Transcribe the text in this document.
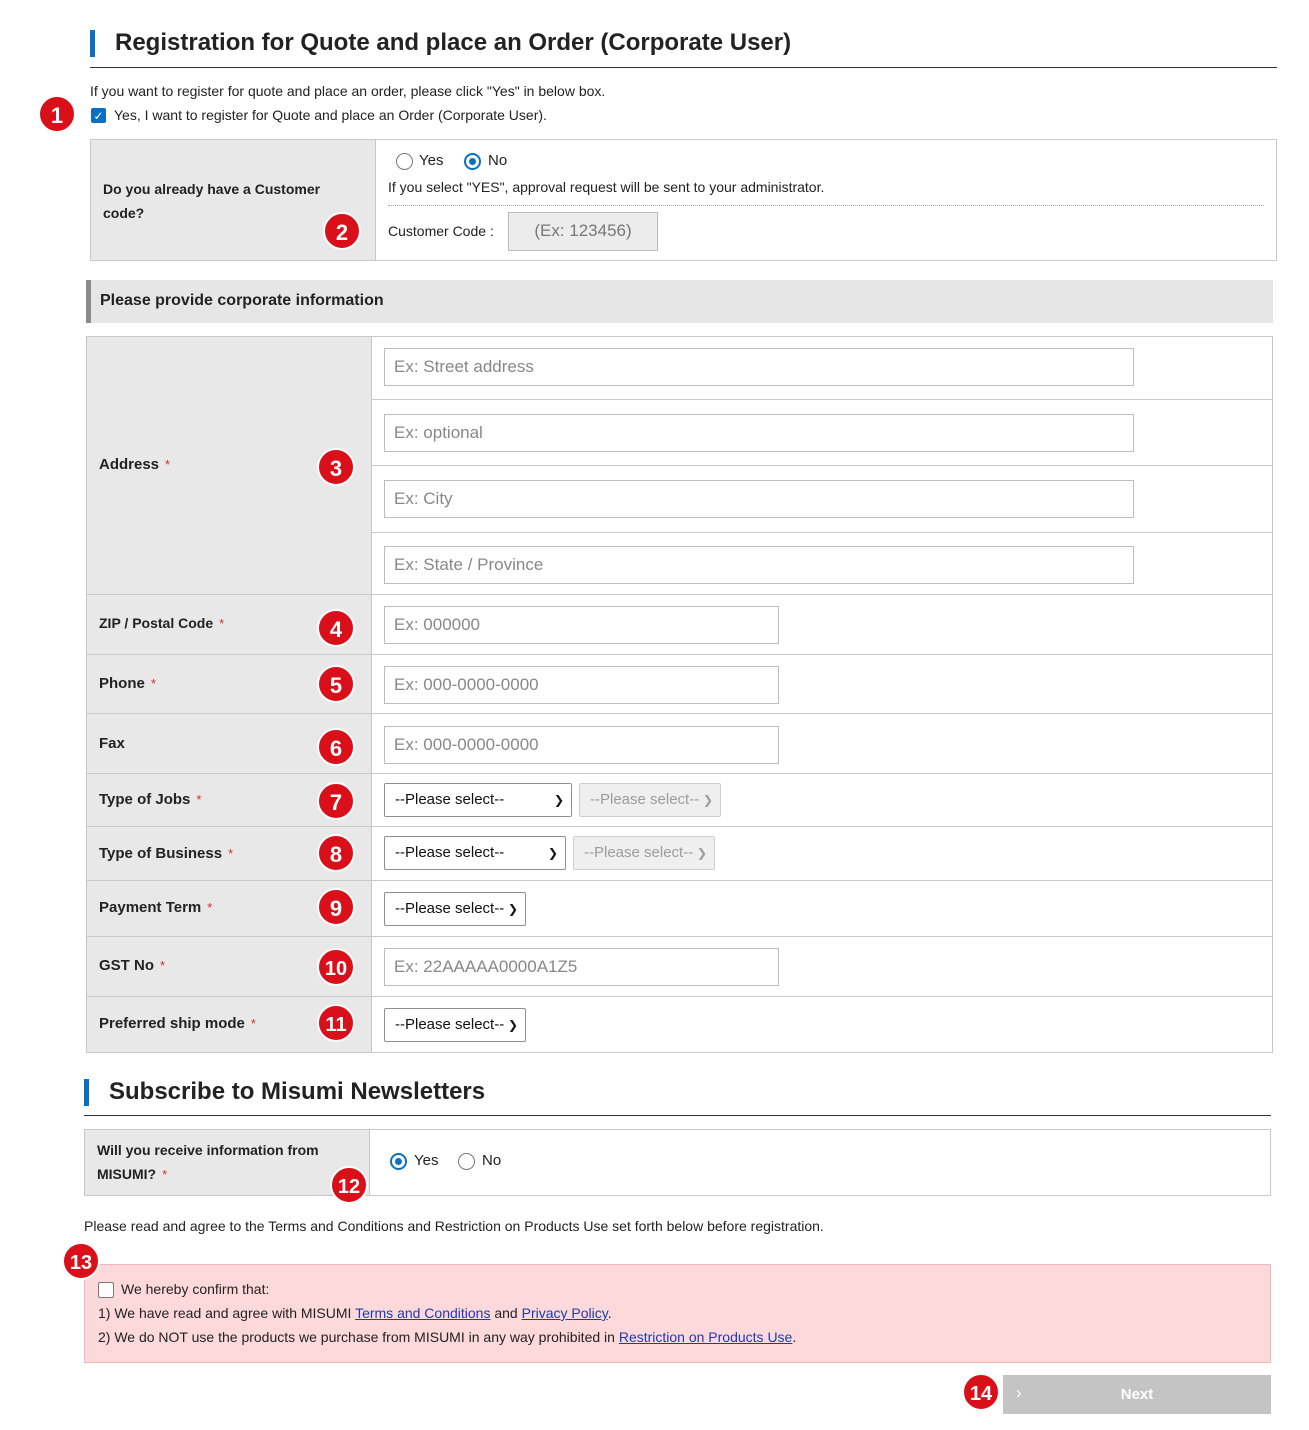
Registration for Quote and place an Order (Corporate User)
If you want to register for quote and place an order, please click "Yes" in below box.
✓ Yes, I want to register for Quote and place an Order (Corporate User).
Do you already have a Customer code?
Yes	No
If you select "YES", approval request will be sent to your administrator.
Customer Code :	(Ex: 123456)
Please provide corporate information
Address *
Ex: Street address
Ex: optional
Ex: City
Ex: State / Province
ZIP / Postal Code *	Ex: 000000
Phone *	Ex: 000-0000-0000
Fax	Ex: 000-0000-0000
Type of Jobs *	--Please select--	❯	--Please select-- ❯
Type of Business *	--Please select--	❯	--Please select-- ❯
Payment Term *	--Please select-- ❯
GST No *	Ex: 22AAAAA0000A1Z5
Preferred ship mode *	--Please select-- ❯
Subscribe to Misumi Newsletters
Will you receive information from MISUMI? *
Yes	No
Please read and agree to the Terms and Conditions and Restriction on Products Use set forth below before registration.
We hereby confirm that:
1) We have read and agree with MISUMI Terms and Conditions and Privacy Policy.
2) We do NOT use the products we purchase from MISUMI in any way prohibited in Restriction on Products Use.
›	Next
1
2
3
4
5
6
7
8
9
10
11
12
13
14
